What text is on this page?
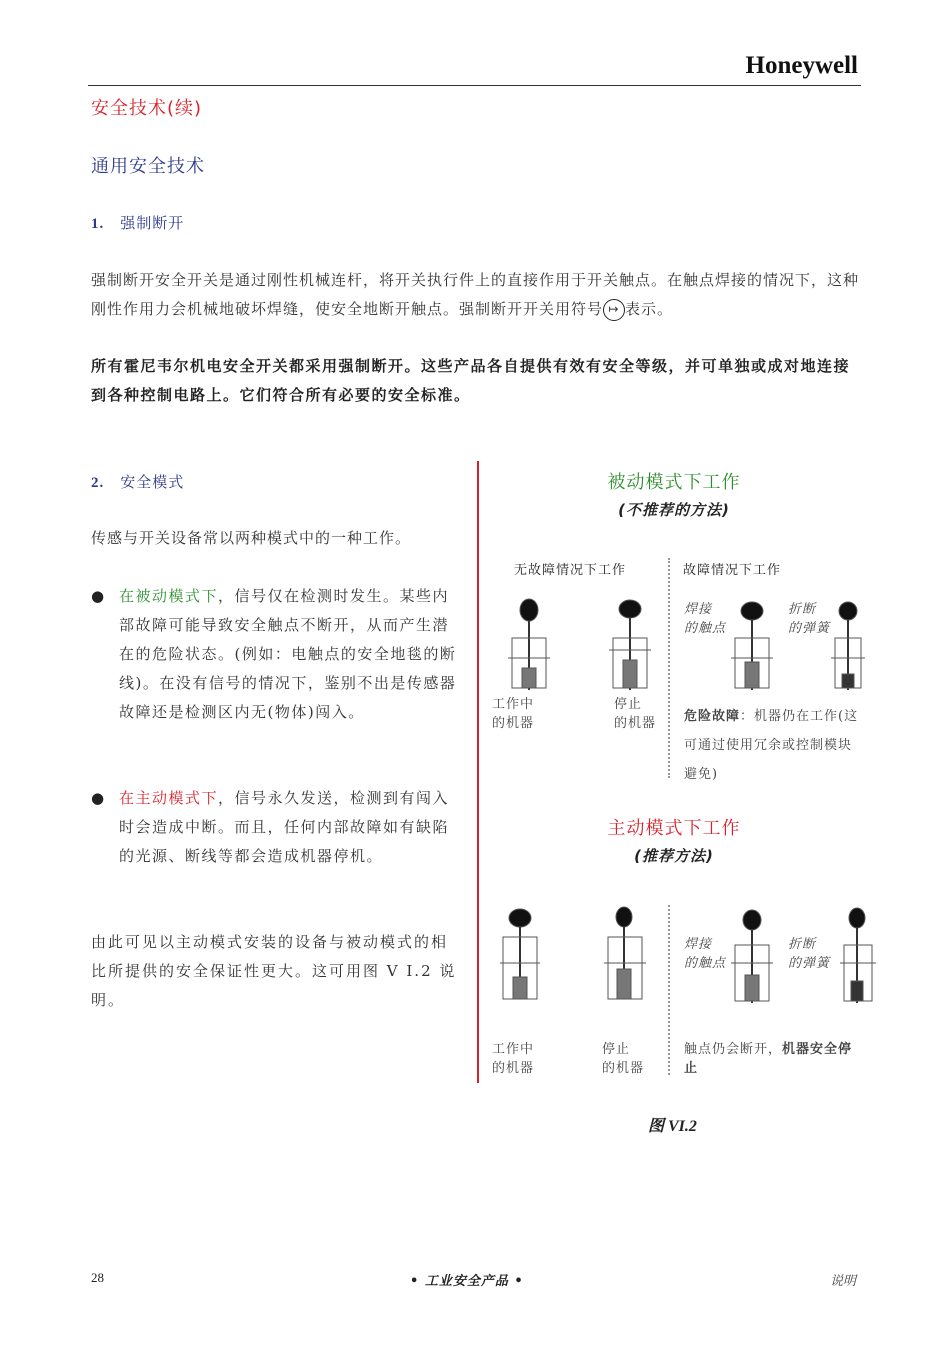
Honeywell
安全技术(续)
通用安全技术
1. 强制断开
强制断开安全开关是通过刚性机械连杆，将开关执行件上的直接作用于开关触点。在触点焊接的情况下，这种刚性作用力会机械地破坏焊缝，使安全地断开触点。强制断开开关用符号 ↦ 表示。
所有霍尼韦尔机电安全开关都采用强制断开。这些产品各自提供有效有安全等级，并可单独或成对地连接到各种控制电路上。它们符合所有必要的安全标准。
2. 安全模式
传感与开关设备常以两种模式中的一种工作。
● 在被动模式下，信号仅在检测时发生。某些内部故障可能导致安全触点不断开，从而产生潜在的危险状态。(例如：电触点的安全地毯的断线)。在没有信号的情况下，鉴别不出是传感器故障还是检测区内无(物体)闯入。
● 在主动模式下，信号永久发送，检测到有闯入时会造成中断。而且，任何内部故障如有缺陷的光源、断线等都会造成机器停机。
由此可见以主动模式安装的设备与被动模式的相比所提供的安全保证性更大。这可用图 V I.2 说明。
被动模式下工作
(不推荐的方法)
无故障情况下工作	故障情况下工作
焊接
的触点
折断
的弹簧
工作中
的机器
停止
的机器 危险故障：机器仍在工作(这可通过使用冗余或控制模块避免)
主动模式下工作
(推荐方法)
焊接
的触点
折断
的弹簧
工作中
的机器
停止
的机器
触点仍会断开，机器安全停止
图 VI.2
28	• 工业安全产品 •	说明
